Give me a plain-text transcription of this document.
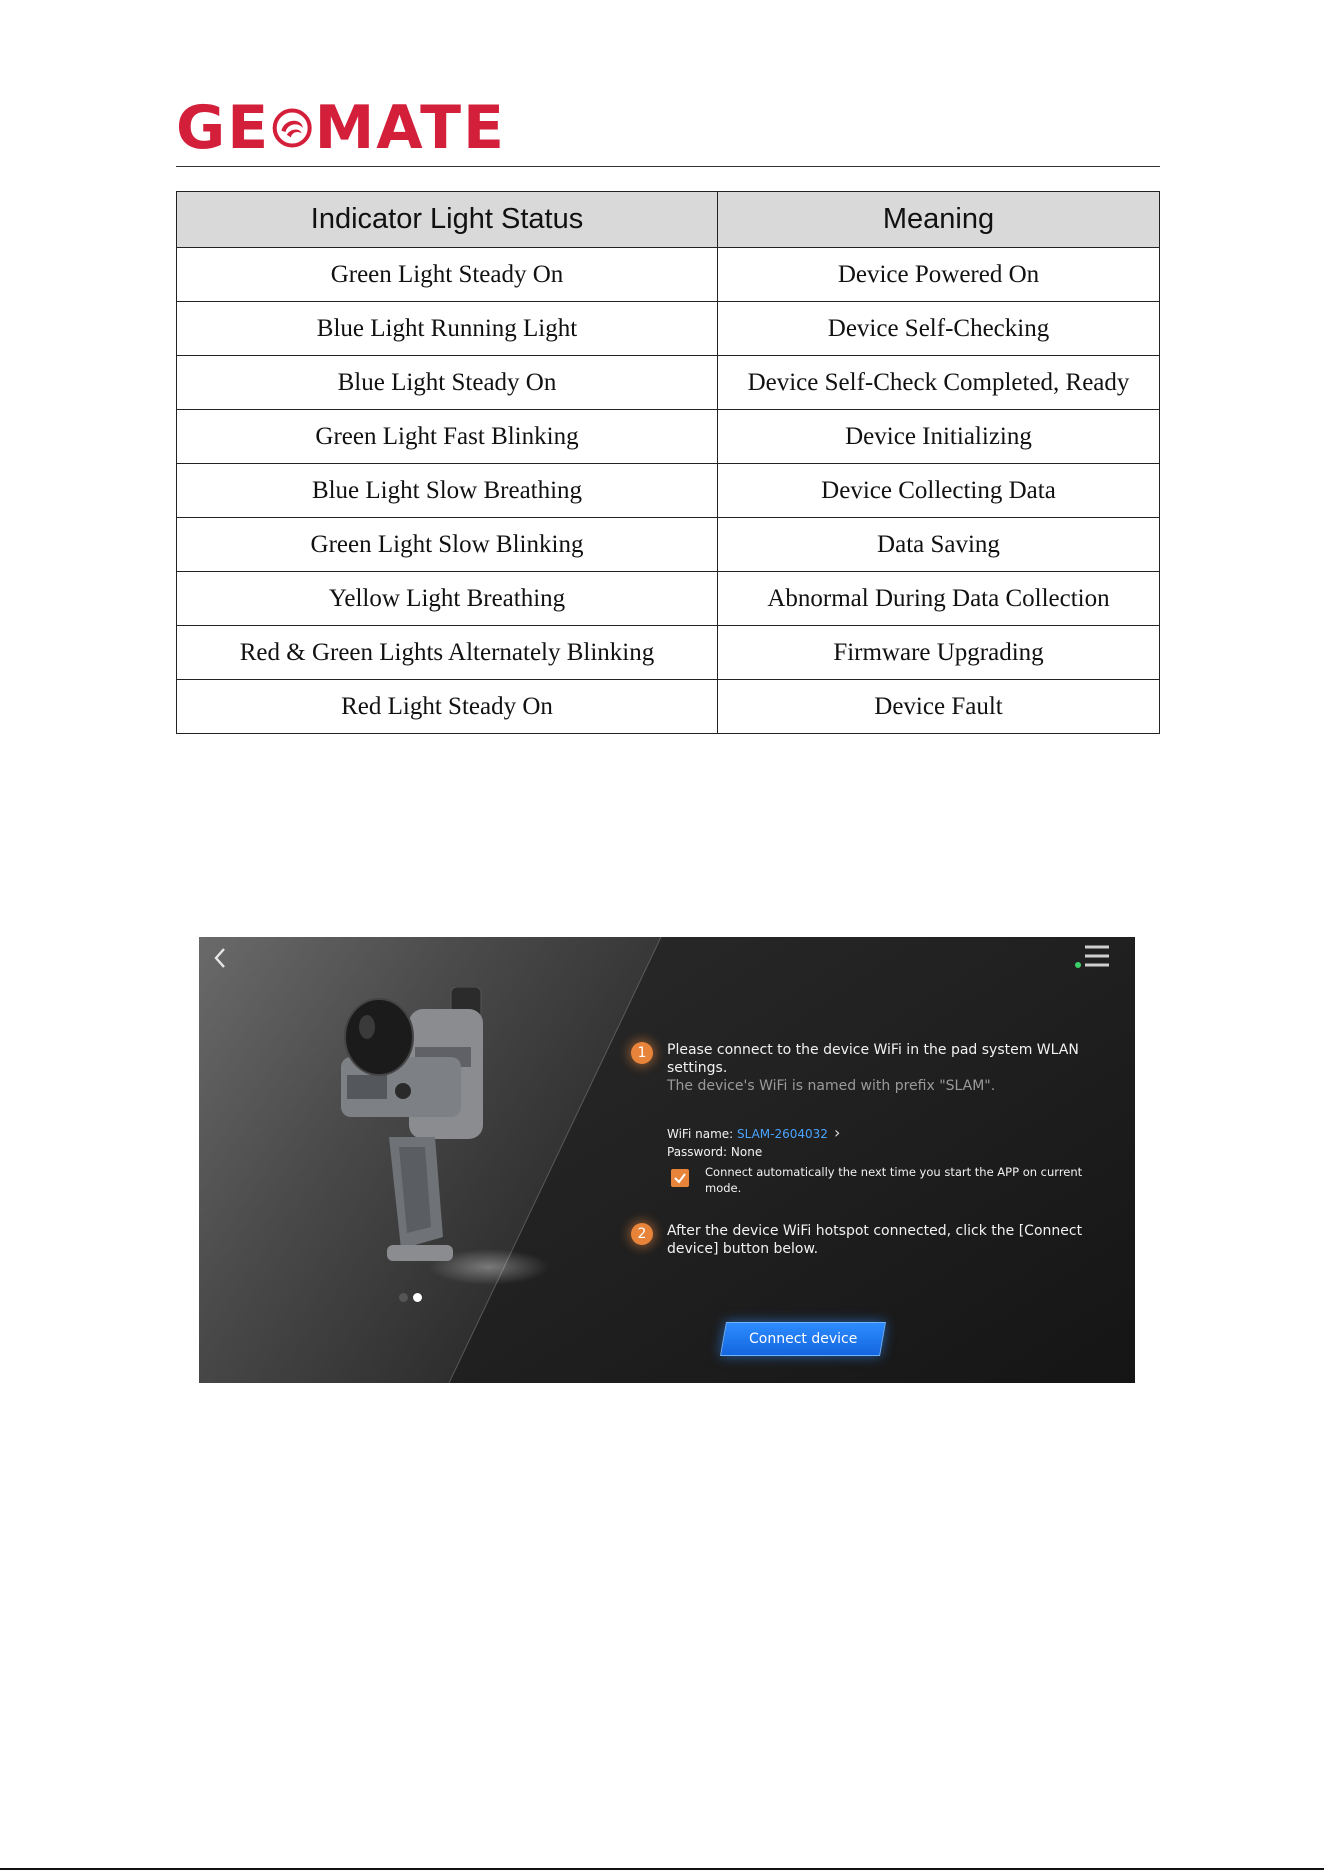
GE MATE
Indicator Light Status	Meaning
Green Light Steady On	Device Powered On
Blue Light Running Light	Device Self-Checking
Blue Light Steady On	Device Self-Check Completed, Ready
Green Light Fast Blinking	Device Initializing
Blue Light Slow Breathing	Device Collecting Data
Green Light Slow Blinking	Data Saving
Yellow Light Breathing	Abnormal During Data Collection
Red & Green Lights Alternately Blinking	Firmware Upgrading
Red Light Steady On	Device Fault
1	Please connect to the device WiFi in the pad system WLAN settings.
The device's WiFi is named with prefix "SLAM".
WiFi name: SLAM-2604032 ›
Password: None
Connect automatically the next time you start the APP on current mode.
2	After the device WiFi hotspot connected, click the [Connect device] button below.
Connect device
